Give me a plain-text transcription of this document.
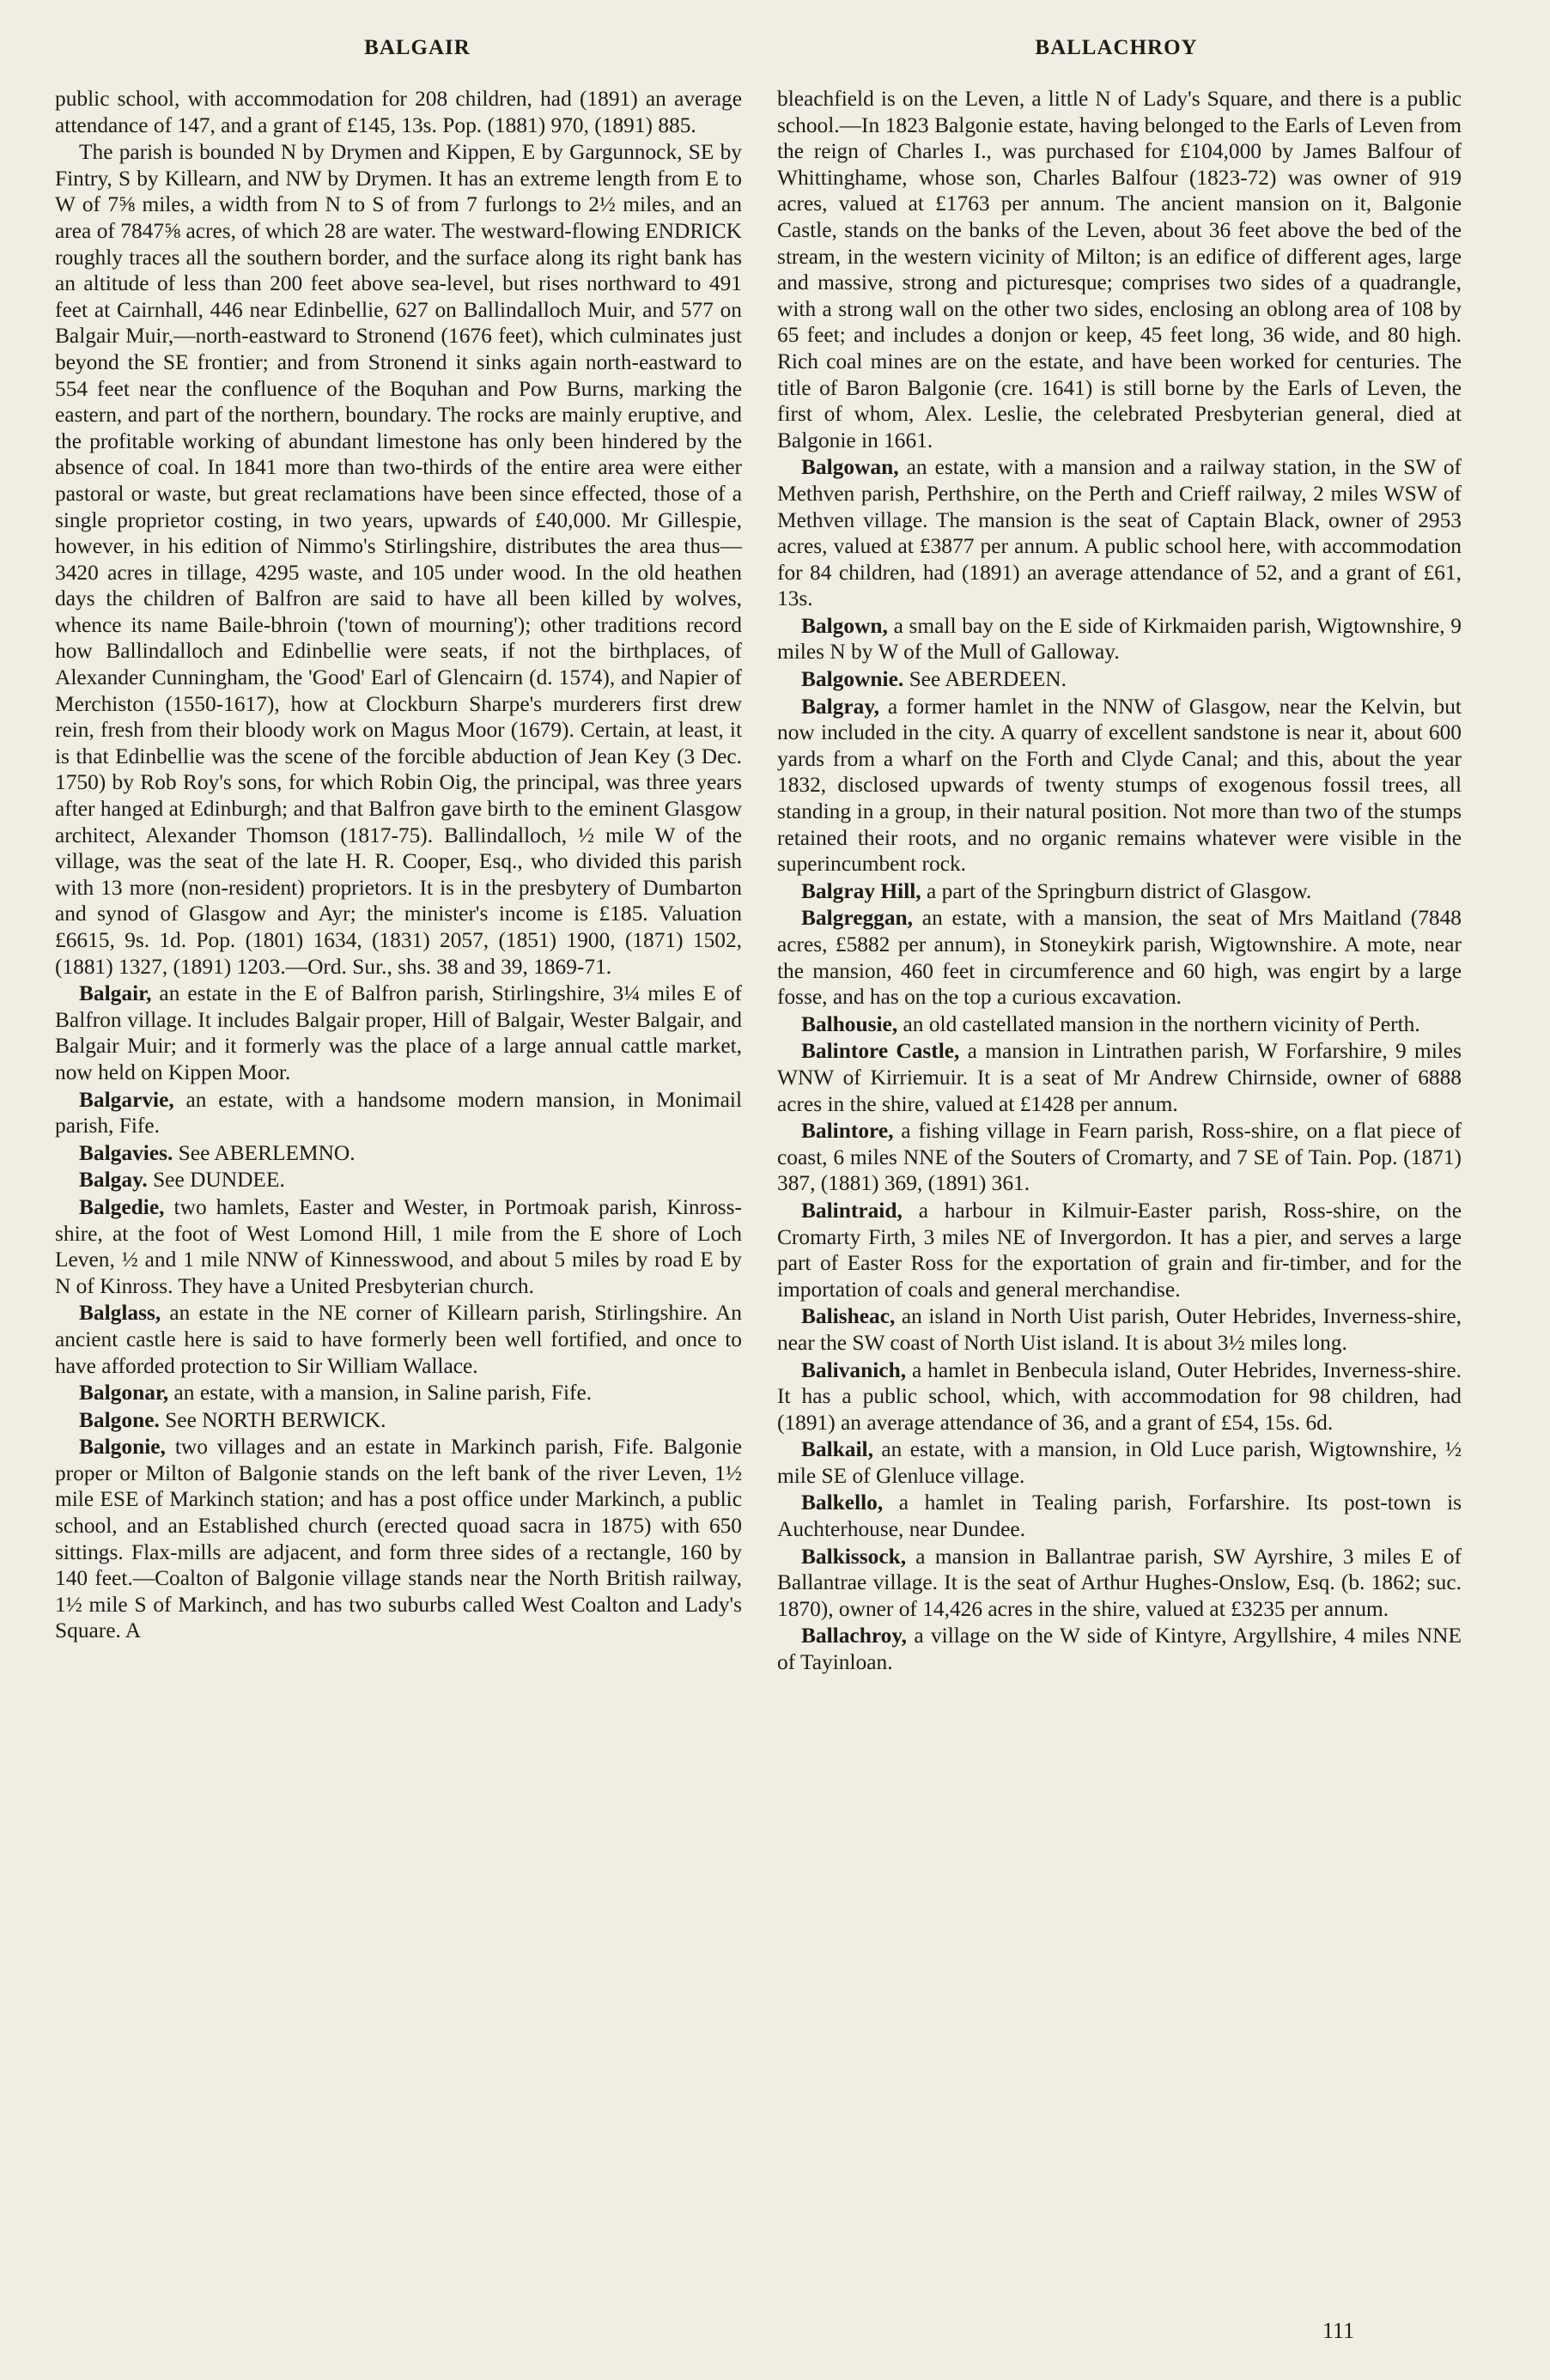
BALGAIR	BALLACHROY

public school, with accommodation for 208 children, had (1891) an average attendance of 147, and a grant of £145, 13s. Pop. (1881) 970, (1891) 885.

The parish is bounded N by Drymen and Kippen, E by Gargunnock, SE by Fintry, S by Killearn, and NW by Drymen. It has an extreme length from E to W of 7⅝ miles, a width from N to S of from 7 furlongs to 2½ miles, and an area of 7847⅝ acres, of which 28 are water. The westward-flowing ENDRICK roughly traces all the southern border, and the surface along its right bank has an altitude of less than 200 feet above sea-level, but rises northward to 491 feet at Cairnhall, 446 near Edinbellie, 627 on Ballindalloch Muir, and 577 on Balgair Muir,—north-eastward to Stronend (1676 feet), which culminates just beyond the SE frontier; and from Stronend it sinks again north-eastward to 554 feet near the confluence of the Boquhan and Pow Burns, marking the eastern, and part of the northern, boundary. The rocks are mainly eruptive, and the profitable working of abundant limestone has only been hindered by the absence of coal. In 1841 more than two-thirds of the entire area were either pastoral or waste, but great reclamations have been since effected, those of a single proprietor costing, in two years, upwards of £40,000. Mr Gillespie, however, in his edition of Nimmo's Stirlingshire, distributes the area thus—3420 acres in tillage, 4295 waste, and 105 under wood. In the old heathen days the children of Balfron are said to have all been killed by wolves, whence its name Baile-bhroin ('town of mourning'); other traditions record how Ballindalloch and Edinbellie were seats, if not the birthplaces, of Alexander Cunningham, the 'Good' Earl of Glencairn (d. 1574), and Napier of Merchiston (1550-1617), how at Clockburn Sharpe's murderers first drew rein, fresh from their bloody work on Magus Moor (1679). Certain, at least, it is that Edinbellie was the scene of the forcible abduction of Jean Key (3 Dec. 1750) by Rob Roy's sons, for which Robin Oig, the principal, was three years after hanged at Edinburgh; and that Balfron gave birth to the eminent Glasgow architect, Alexander Thomson (1817-75). Ballindalloch, ½ mile W of the village, was the seat of the late H. R. Cooper, Esq., who divided this parish with 13 more (non-resident) proprietors. It is in the presbytery of Dumbarton and synod of Glasgow and Ayr; the minister's income is £185. Valuation £6615, 9s. 1d. Pop. (1801) 1634, (1831) 2057, (1851) 1900, (1871) 1502, (1881) 1327, (1891) 1203.—Ord. Sur., shs. 38 and 39, 1869-71.

Balgair, an estate in the E of Balfron parish, Stirlingshire, 3¼ miles E of Balfron village. It includes Balgair proper, Hill of Balgair, Wester Balgair, and Balgair Muir; and it formerly was the place of a large annual cattle market, now held on Kippen Moor.

Balgarvie, an estate, with a handsome modern mansion, in Monimail parish, Fife.

Balgavies. See ABERLEMNO.

Balgay. See DUNDEE.

Balgedie, two hamlets, Easter and Wester, in Portmoak parish, Kinross-shire, at the foot of West Lomond Hill, 1 mile from the E shore of Loch Leven, ½ and 1 mile NNW of Kinnesswood, and about 5 miles by road E by N of Kinross. They have a United Presbyterian church.

Balglass, an estate in the NE corner of Killearn parish, Stirlingshire. An ancient castle here is said to have formerly been well fortified, and once to have afforded protection to Sir William Wallace.

Balgonar, an estate, with a mansion, in Saline parish, Fife.

Balgone. See NORTH BERWICK.

Balgonie, two villages and an estate in Markinch parish, Fife. Balgonie proper or Milton of Balgonie stands on the left bank of the river Leven, 1½ mile ESE of Markinch station; and has a post office under Markinch, a public school, and an Established church (erected quoad sacra in 1875) with 650 sittings. Flax-mills are adjacent, and form three sides of a rectangle, 160 by 140 feet.—Coalton of Balgonie village stands near the North British railway, 1½ mile S of Markinch, and has two suburbs called West Coalton and Lady's Square. A

bleachfield is on the Leven, a little N of Lady's Square, and there is a public school.—In 1823 Balgonie estate, having belonged to the Earls of Leven from the reign of Charles I., was purchased for £104,000 by James Balfour of Whittinghame, whose son, Charles Balfour (1823-72) was owner of 919 acres, valued at £1763 per annum. The ancient mansion on it, Balgonie Castle, stands on the banks of the Leven, about 36 feet above the bed of the stream, in the western vicinity of Milton; is an edifice of different ages, large and massive, strong and picturesque; comprises two sides of a quadrangle, with a strong wall on the other two sides, enclosing an oblong area of 108 by 65 feet; and includes a donjon or keep, 45 feet long, 36 wide, and 80 high. Rich coal mines are on the estate, and have been worked for centuries. The title of Baron Balgonie (cre. 1641) is still borne by the Earls of Leven, the first of whom, Alex. Leslie, the celebrated Presbyterian general, died at Balgonie in 1661.

Balgowan, an estate, with a mansion and a railway station, in the SW of Methven parish, Perthshire, on the Perth and Crieff railway, 2 miles WSW of Methven village. The mansion is the seat of Captain Black, owner of 2953 acres, valued at £3877 per annum. A public school here, with accommodation for 84 children, had (1891) an average attendance of 52, and a grant of £61, 13s.

Balgown, a small bay on the E side of Kirkmaiden parish, Wigtownshire, 9 miles N by W of the Mull of Galloway.

Balgownie. See ABERDEEN.

Balgray, a former hamlet in the NNW of Glasgow, near the Kelvin, but now included in the city. A quarry of excellent sandstone is near it, about 600 yards from a wharf on the Forth and Clyde Canal; and this, about the year 1832, disclosed upwards of twenty stumps of exogenous fossil trees, all standing in a group, in their natural position. Not more than two of the stumps retained their roots, and no organic remains whatever were visible in the superincumbent rock.

Balgray Hill, a part of the Springburn district of Glasgow.

Balgreggan, an estate, with a mansion, the seat of Mrs Maitland (7848 acres, £5882 per annum), in Stoneykirk parish, Wigtownshire. A mote, near the mansion, 460 feet in circumference and 60 high, was engirt by a large fosse, and has on the top a curious excavation.

Balhousie, an old castellated mansion in the northern vicinity of Perth.

Balintore Castle, a mansion in Lintrathen parish, W Forfarshire, 9 miles WNW of Kirriemuir. It is a seat of Mr Andrew Chirnside, owner of 6888 acres in the shire, valued at £1428 per annum.

Balintore, a fishing village in Fearn parish, Ross-shire, on a flat piece of coast, 6 miles NNE of the Souters of Cromarty, and 7 SE of Tain. Pop. (1871) 387, (1881) 369, (1891) 361.

Balintraid, a harbour in Kilmuir-Easter parish, Ross-shire, on the Cromarty Firth, 3 miles NE of Invergordon. It has a pier, and serves a large part of Easter Ross for the exportation of grain and fir-timber, and for the importation of coals and general merchandise.

Balisheac, an island in North Uist parish, Outer Hebrides, Inverness-shire, near the SW coast of North Uist island. It is about 3½ miles long.

Balivanich, a hamlet in Benbecula island, Outer Hebrides, Inverness-shire. It has a public school, which, with accommodation for 98 children, had (1891) an average attendance of 36, and a grant of £54, 15s. 6d.

Balkail, an estate, with a mansion, in Old Luce parish, Wigtownshire, ½ mile SE of Glenluce village.

Balkello, a hamlet in Tealing parish, Forfarshire. Its post-town is Auchterhouse, near Dundee.

Balkissock, a mansion in Ballantrae parish, SW Ayrshire, 3 miles E of Ballantrae village. It is the seat of Arthur Hughes-Onslow, Esq. (b. 1862; suc. 1870), owner of 14,426 acres in the shire, valued at £3235 per annum.

Ballachroy, a village on the W side of Kintyre, Argyllshire, 4 miles NNE of Tayinloan.

111
